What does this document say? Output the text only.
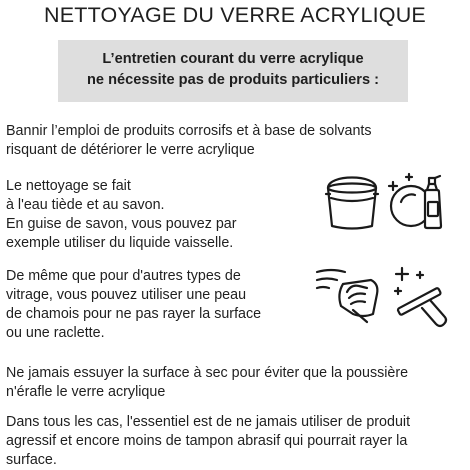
NETTOYAGE DU VERRE ACRYLIQUE
L’entretien courant du verre acrylique
ne nécessite pas de produits particuliers :
Bannir l’emploi de produits corrosifs et à base de solvants
risquant de détériorer le verre acrylique
Le nettoyage se fait
à l'eau tiède et au savon.
En guise de savon, vous pouvez par
exemple utiliser du liquide vaisselle.
De même que pour d'autres types de
vitrage, vous pouvez utiliser une peau
de chamois pour ne pas rayer la surface
ou une raclette.
Ne jamais essuyer la surface à sec pour éviter que la poussière
n'érafle le verre acrylique
Dans tous les cas, l'essentiel est de ne jamais utiliser de produit
agressif et encore moins de tampon abrasif qui pourrait rayer la
surface.
